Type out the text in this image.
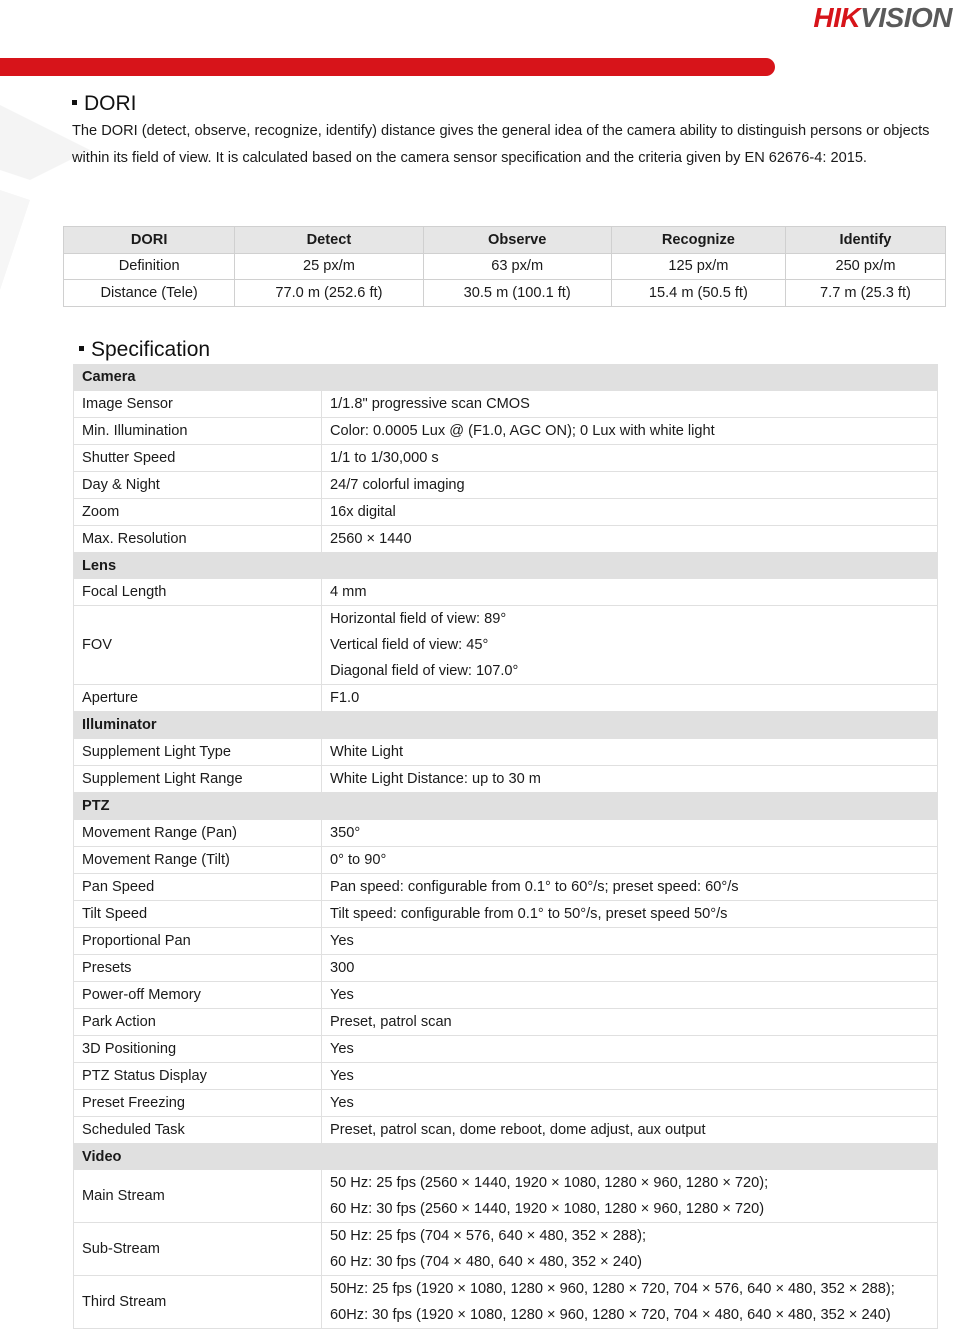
HIKVISION
DORI
The DORI (detect, observe, recognize, identify) distance gives the general idea of the camera ability to distinguish persons or objects within its field of view. It is calculated based on the camera sensor specification and the criteria given by EN 62676-4: 2015.
DORI	Detect	Observe	Recognize	Identify
Definition	25 px/m	63 px/m	125 px/m	250 px/m
Distance (Tele)	77.0 m (252.6 ft)	30.5 m (100.1 ft)	15.4 m (50.5 ft)	7.7 m (25.3 ft)
Specification
Camera	
Image Sensor	1/1.8" progressive scan CMOS

Min. Illumination	Color: 0.0005 Lux @ (F1.0, AGC ON); 0 Lux with white light

Shutter Speed	1/1 to 1/30,000 s

Day & Night	24/7 colorful imaging

Zoom	16x digital

Max. Resolution	2560 × 1440

Lens	
Focal Length	4 mm

FOV	Horizontal field of view: 89°
Vertical field of view: 45°
Diagonal field of view: 107.0°

Aperture	F1.0

Illuminator	
Supplement Light Type	White Light

Supplement Light Range	White Light Distance: up to 30 m

PTZ	
Movement Range (Pan)	350°

Movement Range (Tilt)	0° to 90°

Pan Speed	Pan speed: configurable from 0.1° to 60°/s; preset speed: 60°/s

Tilt Speed	Tilt speed: configurable from 0.1° to 50°/s, preset speed 50°/s

Proportional Pan	Yes

Presets	300

Power-off Memory	Yes

Park Action	Preset, patrol scan

3D Positioning	Yes

PTZ Status Display	Yes

Preset Freezing	Yes

Scheduled Task	Preset, patrol scan, dome reboot, dome adjust, aux output

Video	
Main Stream	50 Hz: 25 fps (2560 × 1440, 1920 × 1080, 1280 × 960, 1280 × 720);
60 Hz: 30 fps (2560 × 1440, 1920 × 1080, 1280 × 960, 1280 × 720)

Sub-Stream	50 Hz: 25 fps (704 × 576, 640 × 480, 352 × 288);
60 Hz: 30 fps (704 × 480, 640 × 480, 352 × 240)

Third Stream	50Hz: 25 fps (1920 × 1080, 1280 × 960, 1280 × 720, 704 × 576, 640 × 480, 352 × 288);
60Hz: 30 fps (1920 × 1080, 1280 × 960, 1280 × 720, 704 × 480, 640 × 480, 352 × 240)
